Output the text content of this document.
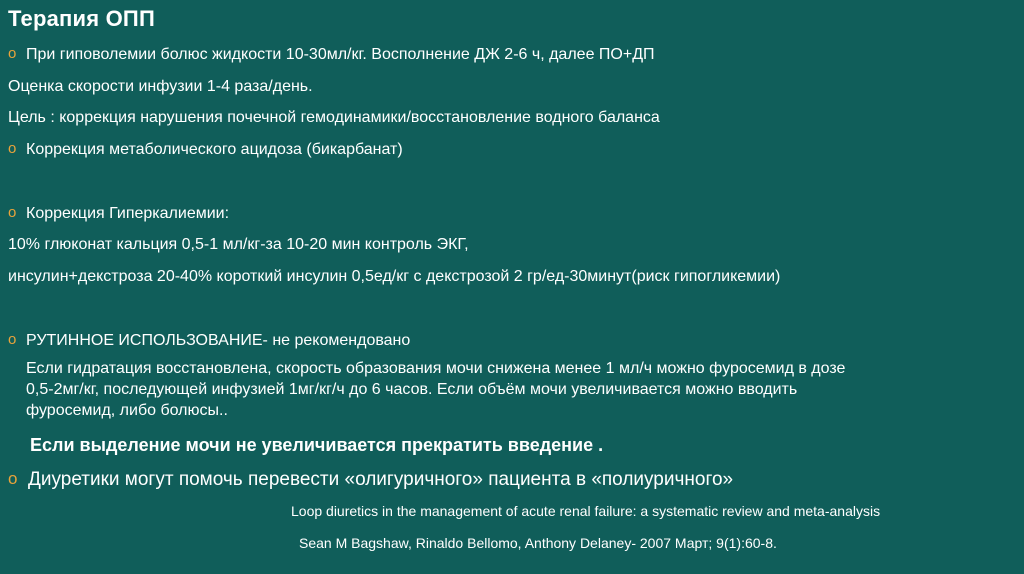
Терапия ОПП
o При гиповолемии болюс жидкости 10-30мл/кг. Восполнение ДЖ 2-6 ч, далее ПО+ДП
Оценка скорости инфузии 1-4 раза/день.
Цель : коррекция нарушения почечной гемодинамики/восстановление водного баланса
o Коррекция метаболического ацидоза (бикарбанат)
o Коррекция Гиперкалиемии:
10% глюконат кальция 0,5-1 мл/кг-за 10-20 мин контроль ЭКГ,
инсулин+декстроза 20-40% короткий инсулин 0,5ед/кг с декстрозой 2 гр/ед-30минут(риск гипогликемии)
o РУТИННОЕ ИСПОЛЬЗОВАНИЕ- не рекомендовано
Если гидратация восстановлена, скорость образования мочи снижена менее 1 мл/ч можно фуросемид в дозе
0,5-2мг/кг, последующей инфузией 1мг/кг/ч до 6 часов. Если объём мочи увеличивается можно вводить
фуросемид, либо болюсы..
Если выделение мочи не увеличивается прекратить введение .
o Диуретики могут помочь перевести «олигуричного» пациента в «полиуричного»
Loop diuretics in the management of acute renal failure: a systematic review and meta-analysis
Sean M Bagshaw, Rinaldo Bellomo, Anthony Delaney- 2007 Март; 9(1):60-8.
